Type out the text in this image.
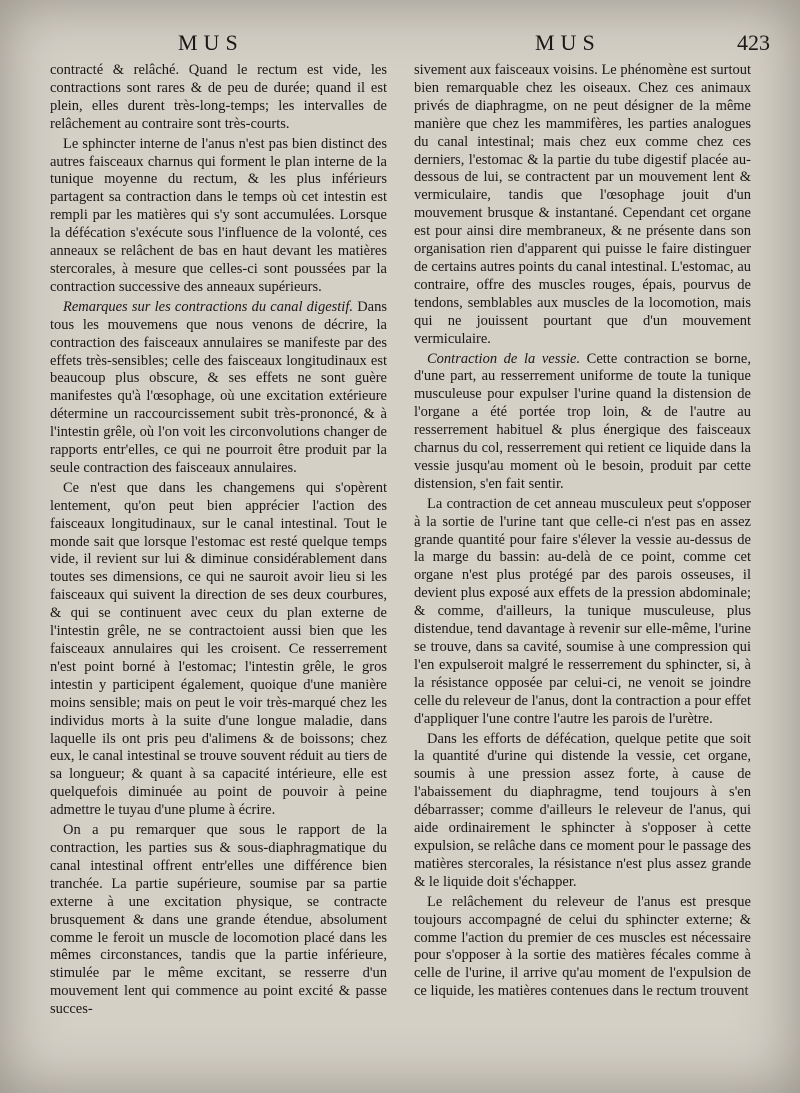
MUS	MUS	423

contracté & relâché. Quand le rectum est vide, les contractions sont rares & de peu de durée; quand il est plein, elles durent très-long-temps; les intervalles de relâchement au contraire sont très-courts.

Le sphincter interne de l'anus n'est pas bien distinct des autres faisceaux charnus qui forment le plan interne de la tunique moyenne du rectum, & les plus inférieurs partagent sa contraction dans le temps où cet intestin est rempli par les matières qui s'y sont accumulées. Lorsque la défécation s'exécute sous l'influence de la volonté, ces anneaux se relâchent de bas en haut devant les matières stercorales, à mesure que celles-ci sont poussées par la contraction successive des anneaux supérieurs.

Remarques sur les contractions du canal digestif. Dans tous les mouvemens que nous venons de décrire, la contraction des faisceaux annulaires se manifeste par des effets très-sensibles; celle des faisceaux longitudinaux est beaucoup plus obscure, & ses effets ne sont guère manifestes qu'à l'œsophage, où une excitation extérieure détermine un raccourcissement subit très-prononcé, & à l'intestin grêle, où l'on voit les circonvolutions changer de rapports entr'elles, ce qui ne pourroit être produit par la seule contraction des faisceaux annulaires.

Ce n'est que dans les changemens qui s'opèrent lentement, qu'on peut bien apprécier l'action des faisceaux longitudinaux, sur le canal intestinal. Tout le monde sait que lorsque l'estomac est resté quelque temps vide, il revient sur lui & diminue considérablement dans toutes ses dimensions, ce qui ne sauroit avoir lieu si les faisceaux qui suivent la direction de ses deux courbures, & qui se continuent avec ceux du plan externe de l'intestin grêle, ne se contractoient aussi bien que les faisceaux annulaires qui les croisent. Ce resserrement n'est point borné à l'estomac; l'intestin grêle, le gros intestin y participent également, quoique d'une manière moins sensible; mais on peut le voir très-marqué chez les individus morts à la suite d'une longue maladie, dans laquelle ils ont pris peu d'alimens & de boissons; chez eux, le canal intestinal se trouve souvent réduit au tiers de sa longueur; & quant à sa capacité intérieure, elle est quelquefois diminuée au point de pouvoir à peine admettre le tuyau d'une plume à écrire.

On a pu remarquer que sous le rapport de la contraction, les parties sus & sous-diaphragmatique du canal intestinal offrent entr'elles une différence bien tranchée. La partie supérieure, soumise par sa partie externe à une excitation physique, se contracte brusquement & dans une grande étendue, absolument comme le feroit un muscle de locomotion placé dans les mêmes circonstances, tandis que la partie inférieure, stimulée par le même excitant, se resserre d'un mouvement lent qui commence au point excité & passe succes-

sivement aux faisceaux voisins. Le phénomène est surtout bien remarquable chez les oiseaux. Chez ces animaux privés de diaphragme, on ne peut désigner de la même manière que chez les mammifères, les parties analogues du canal intestinal; mais chez eux comme chez ces derniers, l'estomac & la partie du tube digestif placée au-dessous de lui, se contractent par un mouvement lent & vermiculaire, tandis que l'œsophage jouit d'un mouvement brusque & instantané. Cependant cet organe est pour ainsi dire membraneux, & ne présente dans son organisation rien d'apparent qui puisse le faire distinguer de certains autres points du canal intestinal. L'estomac, au contraire, offre des muscles rouges, épais, pourvus de tendons, semblables aux muscles de la locomotion, mais qui ne jouissent pourtant que d'un mouvement vermiculaire.

Contraction de la vessie. Cette contraction se borne, d'une part, au resserrement uniforme de toute la tunique musculeuse pour expulser l'urine quand la distension de l'organe a été portée trop loin, & de l'autre au resserrement habituel & plus énergique des faisceaux charnus du col, resserrement qui retient ce liquide dans la vessie jusqu'au moment où le besoin, produit par cette distension, s'en fait sentir.

La contraction de cet anneau musculeux peut s'opposer à la sortie de l'urine tant que celle-ci n'est pas en assez grande quantité pour faire s'élever la vessie au-dessus de la marge du bassin: au-delà de ce point, comme cet organe n'est plus protégé par des parois osseuses, il devient plus exposé aux effets de la pression abdominale; & comme, d'ailleurs, la tunique musculeuse, plus distendue, tend davantage à revenir sur elle-même, l'urine se trouve, dans sa cavité, soumise à une compression qui l'en expulseroit malgré le resserrement du sphincter, si, à la résistance opposée par celui-ci, ne venoit se joindre celle du releveur de l'anus, dont la contraction a pour effet d'appliquer l'une contre l'autre les parois de l'urètre.

Dans les efforts de défécation, quelque petite que soit la quantité d'urine qui distende la vessie, cet organe, soumis à une pression assez forte, à cause de l'abaissement du diaphragme, tend toujours à s'en débarrasser; comme d'ailleurs le releveur de l'anus, qui aide ordinairement le sphincter à s'opposer à cette expulsion, se relâche dans ce moment pour le passage des matières stercorales, la résistance n'est plus assez grande & le liquide doit s'échapper.

Le relâchement du releveur de l'anus est presque toujours accompagné de celui du sphincter externe; & comme l'action du premier de ces muscles est nécessaire pour s'opposer à la sortie des matières fécales comme à celle de l'urine, il arrive qu'au moment de l'expulsion de ce liquide, les matières contenues dans le rectum trouvent
